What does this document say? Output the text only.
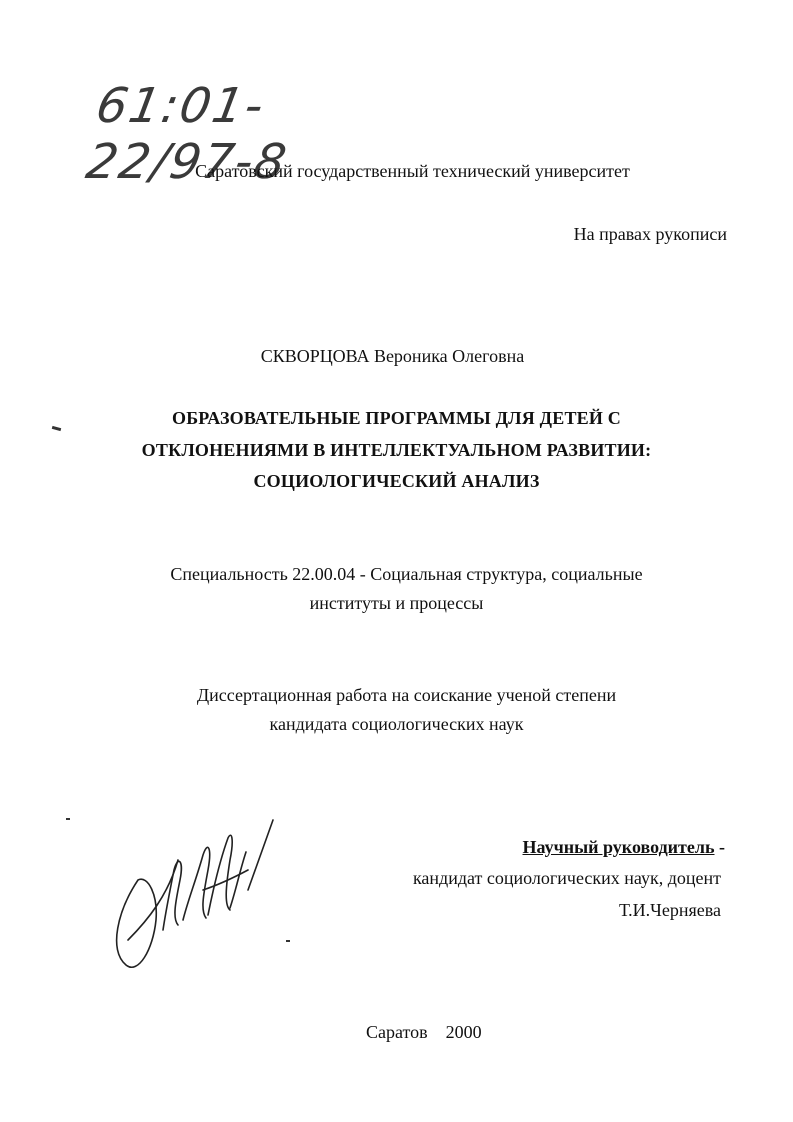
61:01-22/97-8
Саратовский государственный технический университет
На правах рукописи
СКВОРЦОВА Вероника Олеговна
ОБРАЗОВАТЕЛЬНЫЕ ПРОГРАММЫ ДЛЯ ДЕТЕЙ С
ОТКЛОНЕНИЯМИ В ИНТЕЛЛЕКТУАЛЬНОМ РАЗВИТИИ:
СОЦИОЛОГИЧЕСКИЙ АНАЛИЗ
Специальность 22.00.04 - Социальная структура, социальные
институты и процессы
Диссертационная работа на соискание ученой степени
кандидата социологических наук
Научный руководитель -
кандидат социологических наук, доцент
Т.И.Черняева
Саратов 2000
